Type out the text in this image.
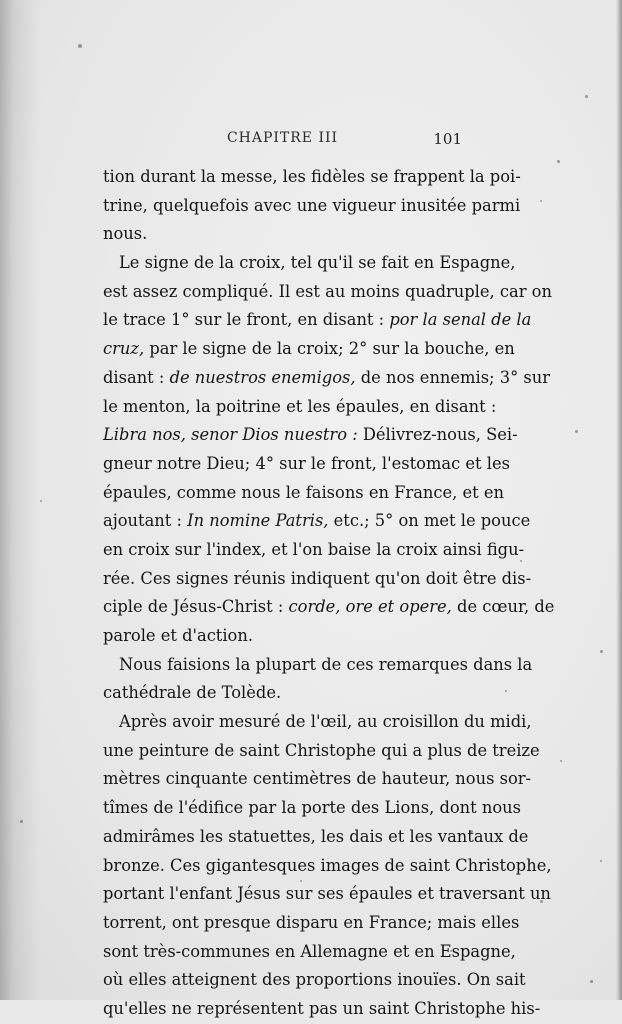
CHAPITRE III	101
tion durant la messe, les fidèles se frappent la poi-
trine, quelquefois avec une vigueur inusitée parmi
nous.
Le signe de la croix, tel qu'il se fait en Espagne,
est assez compliqué. Il est au moins quadruple, car on
le trace 1° sur le front, en disant : por la senal de la
cruz, par le signe de la croix; 2° sur la bouche, en
disant : de nuestros enemigos, de nos ennemis; 3° sur
le menton, la poitrine et les épaules, en disant :
Libra nos, senor Dios nuestro : Délivrez-nous, Sei-
gneur notre Dieu; 4° sur le front, l'estomac et les
épaules, comme nous le faisons en France, et en
ajoutant : In nomine Patris, etc.; 5° on met le pouce
en croix sur l'index, et l'on baise la croix ainsi figu-
rée. Ces signes réunis indiquent qu'on doit être dis-
ciple de Jésus-Christ : corde, ore et opere, de cœur, de
parole et d'action.
Nous faisions la plupart de ces remarques dans la
cathédrale de Tolède.
Après avoir mesuré de l'œil, au croisillon du midi,
une peinture de saint Christophe qui a plus de treize
mètres cinquante centimètres de hauteur, nous sor-
tîmes de l'édifice par la porte des Lions, dont nous
admirâmes les statuettes, les dais et les vantaux de
bronze. Ces gigantesques images de saint Christophe,
portant l'enfant Jésus sur ses épaules et traversant un
torrent, ont presque disparu en France; mais elles
sont très-communes en Allemagne et en Espagne,
où elles atteignent des proportions inouïes. On sait
qu'elles ne représentent pas un saint Christophe his-
